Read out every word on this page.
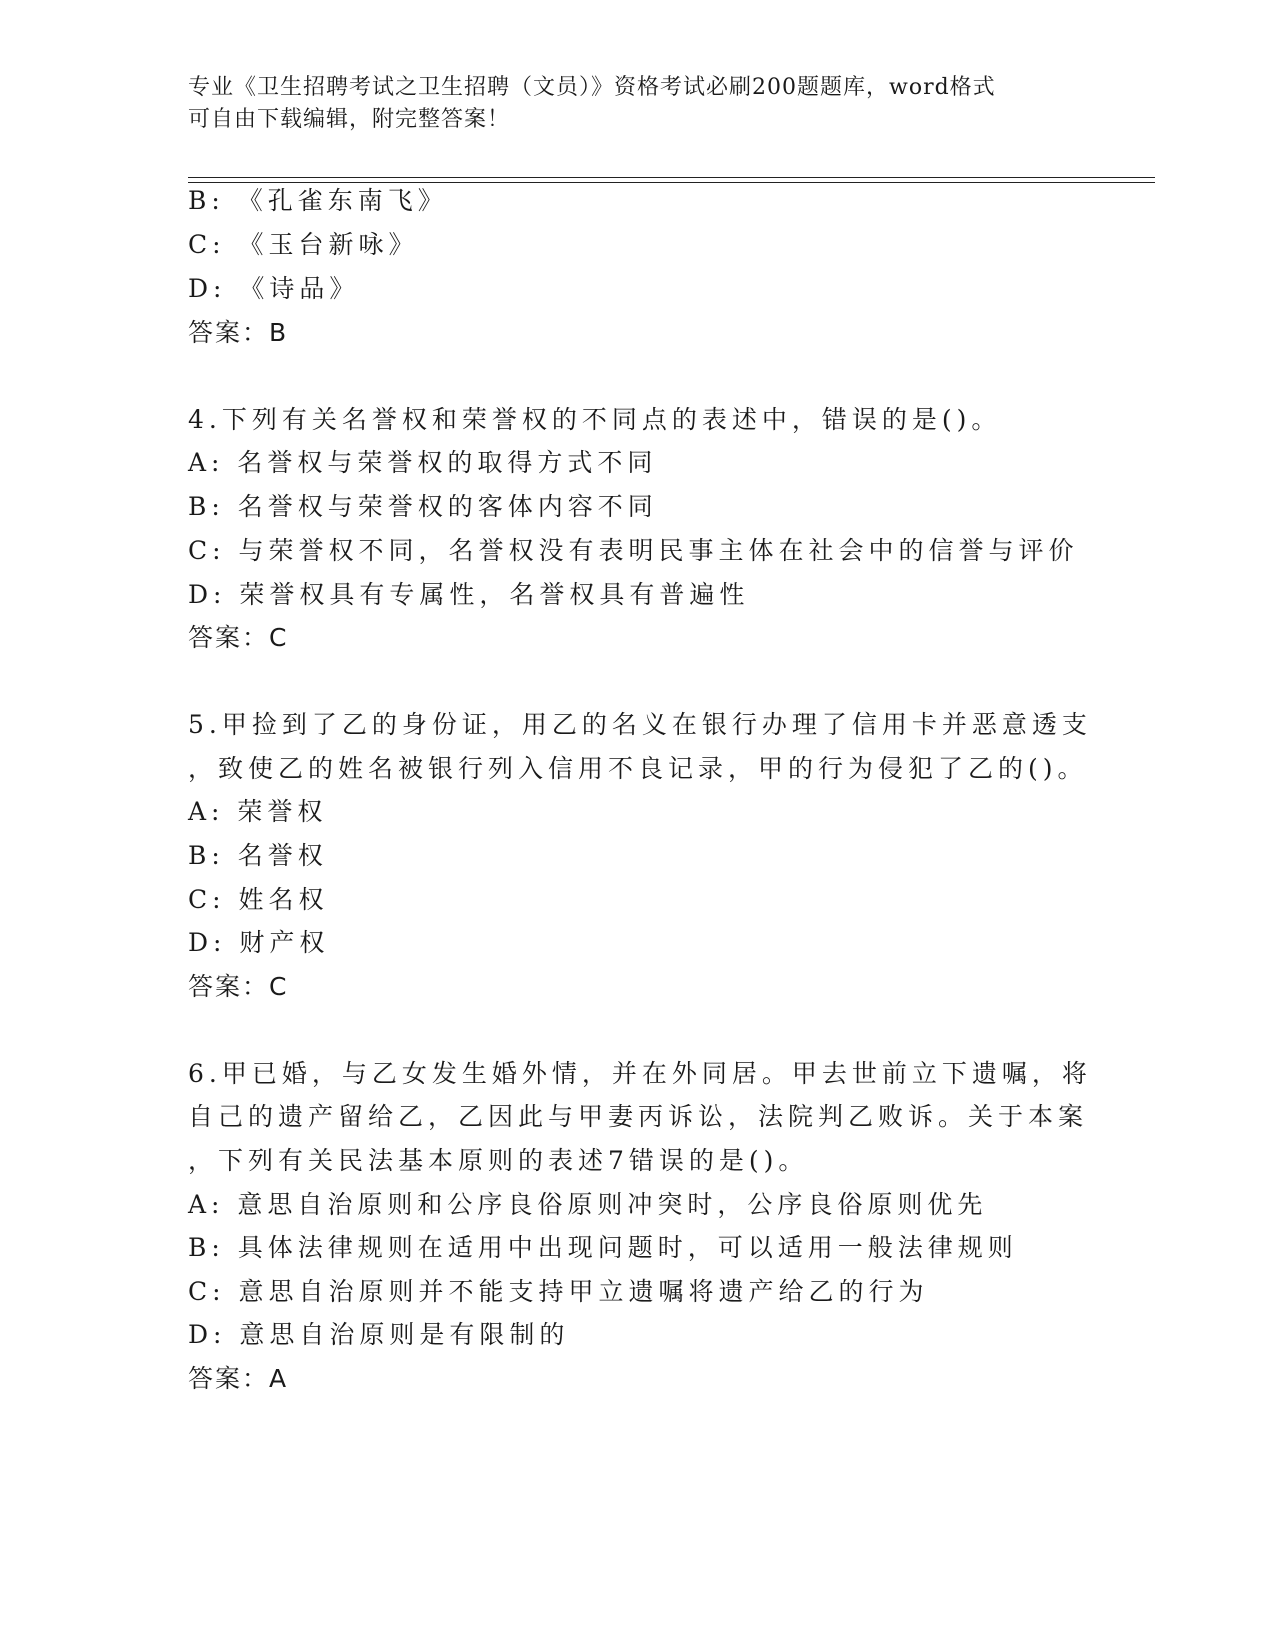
专业《卫生招聘考试之卫生招聘（文员）》资格考试必刷200题题库，word格式
可自由下载编辑，附完整答案！
B: 《孔雀东南飞》
C: 《玉台新咏》
D: 《诗品》
答案：B
4.下列有关名誉权和荣誉权的不同点的表述中，错误的是()。
A: 名誉权与荣誉权的取得方式不同
B: 名誉权与荣誉权的客体内容不同
C: 与荣誉权不同，名誉权没有表明民事主体在社会中的信誉与评价
D: 荣誉权具有专属性，名誉权具有普遍性
答案：C
5.甲捡到了乙的身份证，用乙的名义在银行办理了信用卡并恶意透支
，致使乙的姓名被银行列入信用不良记录，甲的行为侵犯了乙的()。
A: 荣誉权
B: 名誉权
C: 姓名权
D: 财产权
答案：C
6.甲已婚，与乙女发生婚外情，并在外同居。甲去世前立下遗嘱，将
自己的遗产留给乙，乙因此与甲妻丙诉讼，法院判乙败诉。关于本案
，下列有关民法基本原则的表述7错误的是()。
A: 意思自治原则和公序良俗原则冲突时，公序良俗原则优先
B: 具体法律规则在适用中出现问题时，可以适用一般法律规则
C: 意思自治原则并不能支持甲立遗嘱将遗产给乙的行为
D: 意思自治原则是有限制的
答案：A
